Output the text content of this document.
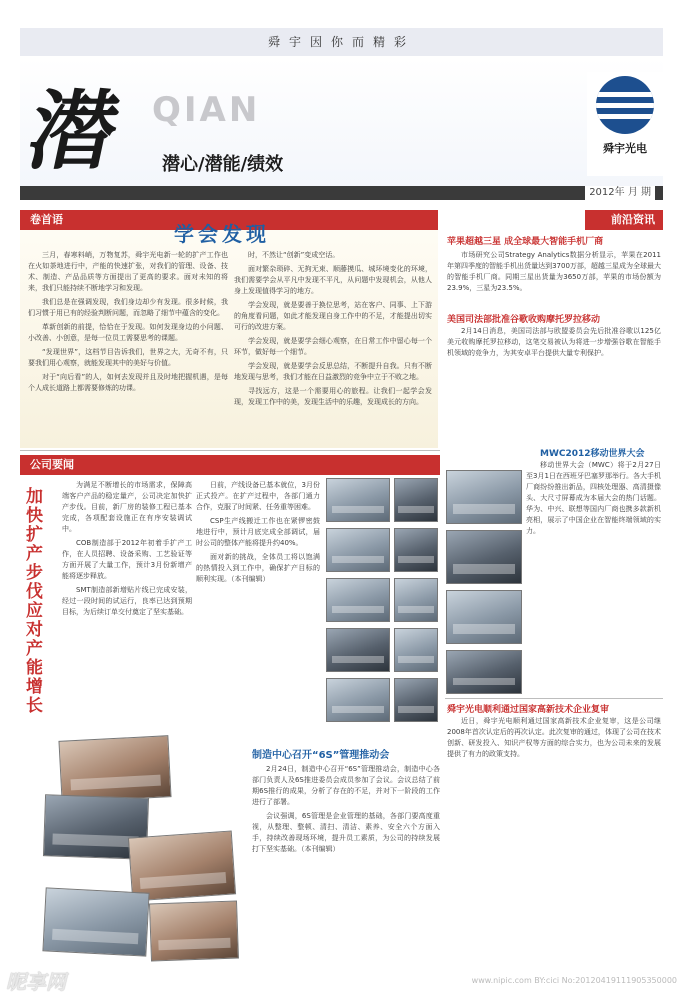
舜宇因你而精彩
潜 QIAN
潜心/潜能/绩效
舜宇光电
2012年 月 期
卷首语
学会发现

三月，春寒料峭，万物复苏，舜宇光电新一轮的扩产工作也在火如荼地进行中，产能的快速扩张，对我们的管理、设备、技术、制造、产品品质等方面提出了更高的要求。面对未知的将来，我们只能持续不断地学习和发现。

我们总是在强调发现，我们身边却少有发现。很多时候，我们习惯于用已有的经验判断问题，而忽略了细节中蕴含的变化。

革新创新的前提，恰恰在于发现。如何发现身边的小问题、小改善、小创意，是每一位员工需要思考的课题。

“发现世界”，这档节目告诉我们，世界之大，无奇不有，只要我们用心观察，就能发现其中的美好与价值。

对于“向后看”的人，如何去发现并且及时地把握机遇，是每个人成长道路上都需要修炼的功课。

时，不然让“创新”变成空话。

面对繁杂琐碎、无拘无束、顺藤摸瓜、城环境变化的环境，我们需要学会从平凡中发现不平凡，从问题中发现机会，从他人身上发现值得学习的地方。

学会发现，就是要善于换位思考，站在客户、同事、上下游的角度看问题，如此才能发现自身工作中的不足，才能提出切实可行的改进方案。

学会发现，就是要学会细心观察，在日常工作中留心每一个环节，做好每一个细节。

学会发现，就是要学会反思总结，不断提升自我。只有不断地发现与思考，我们才能在日益激烈的竞争中立于不败之地。

寻找远方，这是一个需要用心的旅程。让我们一起学会发现，发现工作中的美，发现生活中的乐趣，发现成长的方向。

前沿资讯
苹果超越三星 成全球最大智能手机厂商

市场研究公司Strategy Analytics数据分析显示，苹果在2011年第四季度的智能手机出货量达到3700万部，超越三星成为全球最大的智能手机厂商。同期三星出货量为3650万部，苹果的市场份额为23.9%，三星为23.5%。

美国司法部批准谷歌收购摩托罗拉移动

2月14日消息，美国司法部与欧盟委员会先后批准谷歌以125亿美元收购摩托罗拉移动，这笔交易被认为将进一步增强谷歌在智能手机领域的竞争力，为其安卓平台提供大量专利保护。

MWC2012移动世界大会

移动世界大会（MWC）将于2月27日至3月1日在西班牙巴塞罗那举行。各大手机厂商纷纷推出新品，四核处理器、高清摄像头、大尺寸屏幕成为本届大会的热门话题。华为、中兴、联想等国内厂商也携多款新机亮相，展示了中国企业在智能终端领域的实力。

舜宇光电顺利通过国家高新技术企业复审

近日，舜宇光电顺利通过国家高新技术企业复审，这是公司继2008年首次认定后的再次认定。此次复审的通过，体现了公司在技术创新、研发投入、知识产权等方面的综合实力，也为公司未来的发展提供了有力的政策支持。

公司要闻
加快扩产步伐 应对产能增长

为满足不断增长的市场需求，保障高端客户产品的稳定量产，公司决定加快扩产步伐。目前，新厂房的装修工程已基本完成，各项配套设施正在有序安装调试中。

COB制造部于2012年初着手扩产工作，在人员招聘、设备采购、工艺验证等方面开展了大量工作，预计3月份新增产能将逐步释放。

SMT制造部新增贴片线已完成安装，经过一段时间的试运行，良率已达到预期目标，为后续订单交付奠定了坚实基础。

日前，产线设备已基本就位，3月份正式投产。在扩产过程中，各部门通力合作，克服了时间紧、任务重等困难。

CSP生产线搬迁工作也在紧锣密鼓地进行中，预计月底完成全部调试，届时公司的整体产能将提升约40%。

面对新的挑战，全体员工将以饱满的热情投入到工作中，确保扩产目标的顺利实现。（本刊编辑）

制造中心召开“6S”管理推动会

2月24日，制造中心召开“6S”管理推动会，制造中心各部门负责人及6S推进委员会成员参加了会议。会议总结了前期6S推行的成果，分析了存在的不足，并对下一阶段的工作进行了部署。

会议强调，6S管理是企业管理的基础，各部门要高度重视，从整理、整顿、清扫、清洁、素养、安全六个方面入手，持续改善现场环境，提升员工素质，为公司的持续发展打下坚实基础。（本刊编辑）

昵享网	www.nipic.com BY:cici No:20120419111905350000
